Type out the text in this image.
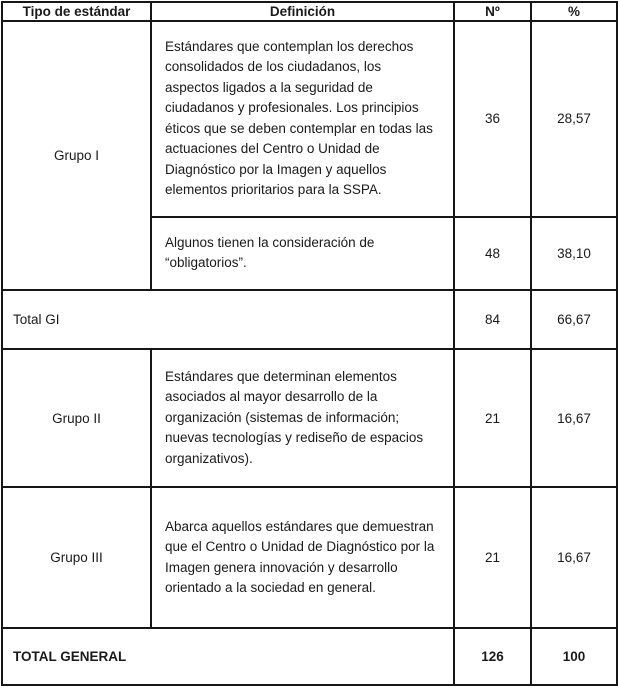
Tipo de estándar	Definición	Nº	%
Grupo I	Estándares que contemplan los derechos consolidados de los ciudadanos, los aspectos ligados a la seguridad de ciudadanos y profesionales. Los principios éticos que se deben contemplar en todas las actuaciones del Centro o Unidad de Diagnóstico por la Imagen y aquellos elementos prioritarios para la SSPA.	36	28,57
	Algunos tienen la consideración de “obligatorios”.	48	38,10
Total GI		84	66,67
Grupo II	Estándares que determinan elementos asociados al mayor desarrollo de la organización (sistemas de información; nuevas tecnologías y rediseño de espacios organizativos).	21	16,67
Grupo III	Abarca aquellos estándares que demuestran que el Centro o Unidad de Diagnóstico por la Imagen genera innovación y desarrollo orientado a la sociedad en general.	21	16,67
TOTAL GENERAL		126	100
